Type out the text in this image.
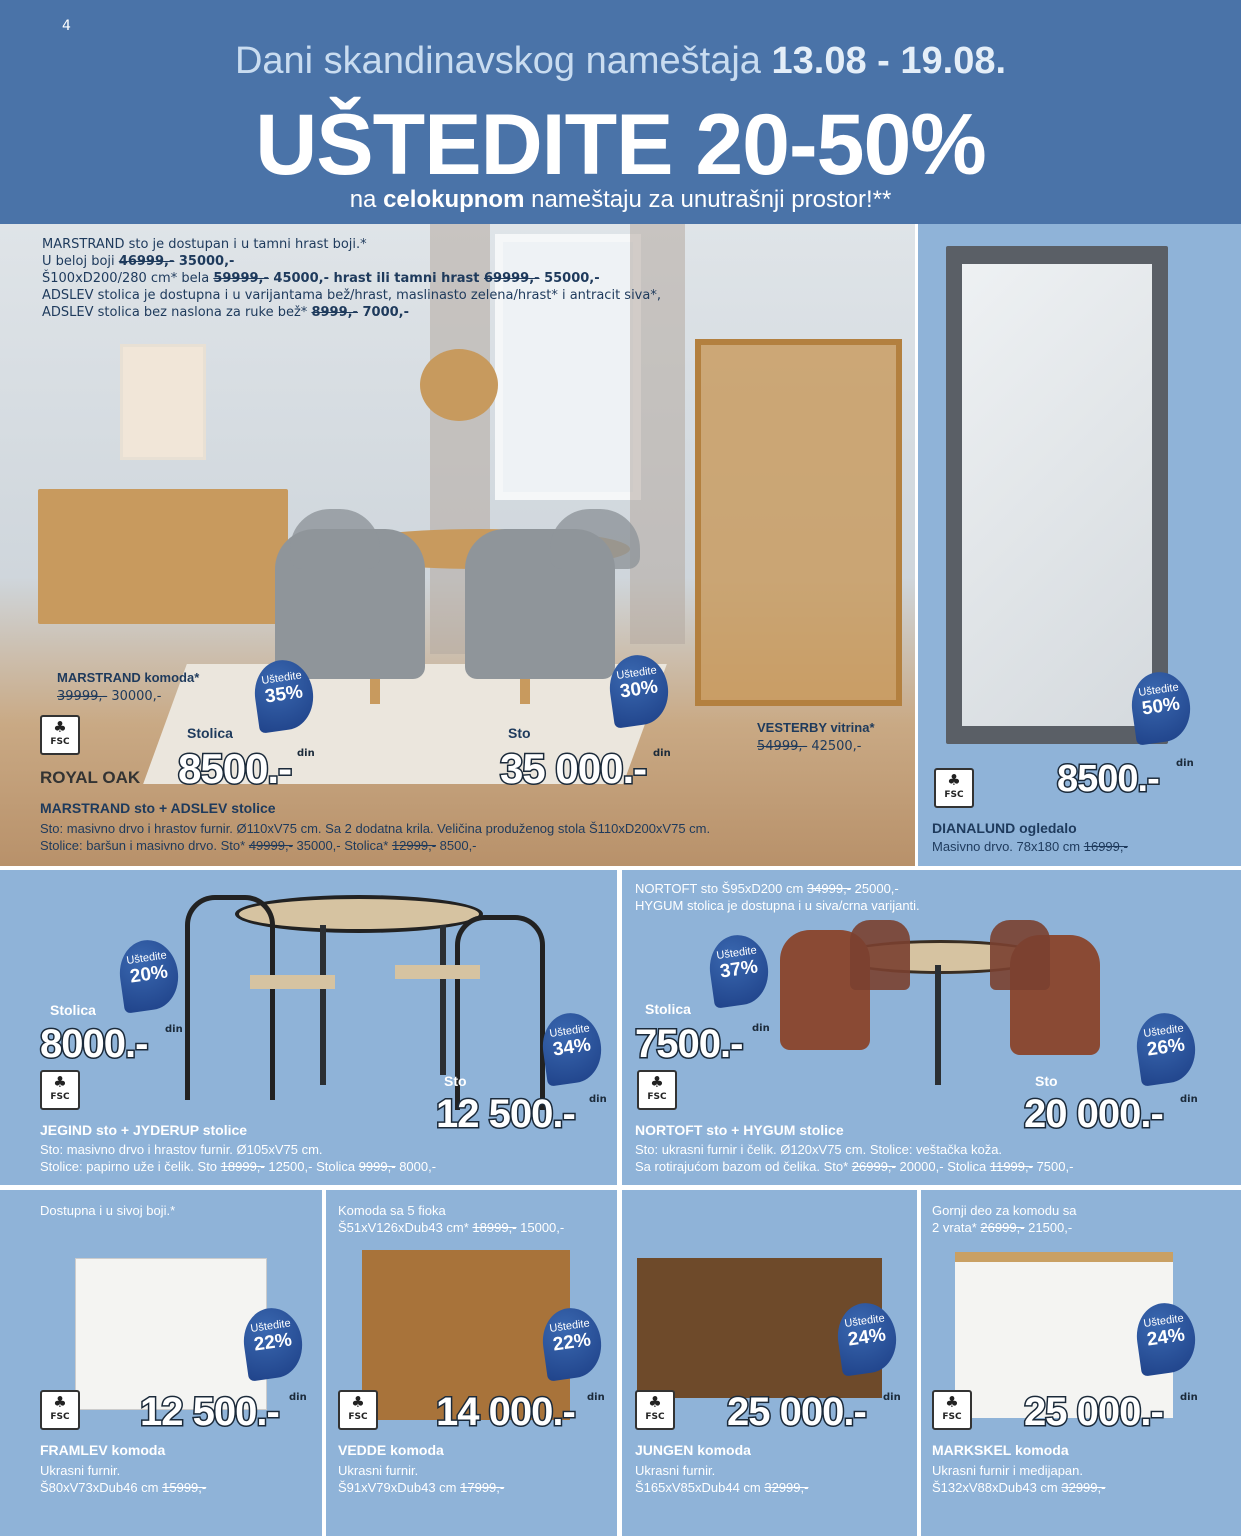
4
Dani skandinavskog nameštaja 13.08 - 19.08.
UŠTEDITE 20-50%
na celokupnom nameštaju za unutrašnji prostor!**
MARSTRAND sto je dostupan i u tamni hrast boji.*
U beloj boji 46999,- 35000,-
Š100xD200/280 cm* bela 59999,- 45000,- hrast ili tamni hrast 69999,- 55000,-
ADSLEV stolica je dostupna i u varijantama bež/hrast, maslinasto zelena/hrast* i antracit siva*,
ADSLEV stolica bez naslona za ruke bež* 8999,- 7000,-
MARSTRAND komoda*
39999,- 30000,-
Uštedite
35%
Uštedite
30%
♣
FSC
Stolica
8500.- din
Sto
35 000.- din
VESTERBY vitrina*
54999,- 42500,-
ROYAL OAK
MARSTRAND sto + ADSLEV stolice
Sto: masivno drvo i hrastov furnir. Ø110xV75 cm. Sa 2 dodatna krila. Veličina produženog stola Š110xD200xV75 cm.
Stolice: baršun i masivno drvo. Sto* 49999,- 35000,- Stolica* 12999,- 8500,-
Uštedite
50%
♣
FSC 8500.- din
DIANALUND ogledalo
Masivno drvo. 78x180 cm 16999,-
Uštedite
20%
Uštedite
34%
Stolica
8000.- din
♣
FSC
Sto
12 500.- din
JEGIND sto + JYDERUP stolice
Sto: masivno drvo i hrastov furnir. Ø105xV75 cm.
Stolice: papirno uže i čelik. Sto 18999,- 12500,- Stolica 9999,- 8000,-
NORTOFT sto Š95xD200 cm 34999,- 25000,-
HYGUM stolica je dostupna i u siva/crna varijanti.
Uštedite
37%
Uštedite
26%
Stolica
7500.- din
♣
FSC
Sto
20 000.- din
NORTOFT sto + HYGUM stolice
Sto: ukrasni furnir i čelik. Ø120xV75 cm. Stolice: veštačka koža.
Sa rotirajućom bazom od čelika. Sto* 26999,- 20000,- Stolica 11999,- 7500,-
Dostupna i u sivoj boji.*
Uštedite
22%
♣
FSC 12 500.- din
FRAMLEV komoda
Ukrasni furnir.
Š80xV73xDub46 cm 15999,-
Komoda sa 5 fioka
Š51xV126xDub43 cm* 18999,- 15000,-
Uštedite
22%
♣
FSC 14 000.- din
VEDDE komoda
Ukrasni furnir.
Š91xV79xDub43 cm 17999,-
Uštedite
24%
♣
FSC 25 000.- din
JUNGEN komoda
Ukrasni furnir.
Š165xV85xDub44 cm 32999,-
Gornji deo za komodu sa
2 vrata* 26999,- 21500,-
Uštedite
24%
♣
FSC 25 000.- din
MARKSKEL komoda
Ukrasni furnir i medijapan.
Š132xV88xDub43 cm 32999,-
